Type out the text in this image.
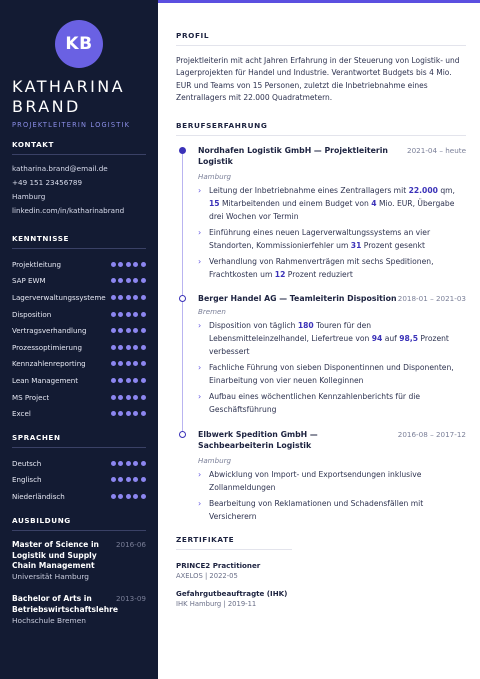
KB
KATHARINA
BRAND
PROJEKTLEITERIN LOGISTIK
KONTAKT
katharina.brand@email.de
+49 151 23456789
Hamburg
linkedin.com/in/katharinabrand
KENNTNISSE
Projektleitung
SAP EWM
Lagerverwaltungssysteme
Disposition
Vertragsverhandlung
Prozessoptimierung
Kennzahlenreporting
Lean Management
MS Project
Excel
SPRACHEN
Deutsch
Englisch
Niederländisch
AUSBILDUNG
Master of Science in Logistik und Supply Chain Management
Universität Hamburg
2016-06
Bachelor of Arts in Betriebswirtschaftslehre
Hochschule Bremen
2013-09
PROFIL

Projektleiterin mit acht Jahren Erfahrung in der Steuerung von Logistik- und Lagerprojekten für Handel und Industrie. Verantwortet Budgets bis 4 Mio. EUR und Teams von 15 Personen, zuletzt die Inbetriebnahme eines Zentrallagers mit 22.000 Quadratmetern.

BERUFSERFAHRUNG
Nordhafen Logistik GmbH — Projektleiterin Logistik
2021-04 – heute
Hamburg
› Leitung der Inbetriebnahme eines Zentrallagers mit 22.000 qm, 15 Mitarbeitenden und einem Budget von 4 Mio. EUR, Übergabe drei Wochen vor Termin
› Einführung eines neuen Lagerverwaltungssystems an vier Standorten, Kommissionierfehler um 31 Prozent gesenkt
› Verhandlung von Rahmenverträgen mit sechs Speditionen, Frachtkosten um 12 Prozent reduziert
Berger Handel AG — Teamleiterin Disposition 2018-01 – 2021-03
Bremen
› Disposition von täglich 180 Touren für den Lebensmitteleinzelhandel, Liefertreue von 94 auf 98,5 Prozent verbessert
› Fachliche Führung von sieben Disponentinnen und Disponenten, Einarbeitung von vier neuen Kolleginnen
› Aufbau eines wöchentlichen Kennzahlenberichts für die Geschäftsführung
Elbwerk Spedition GmbH — Sachbearbeiterin Logistik
2016-08 – 2017-12
Hamburg
› Abwicklung von Import- und Exportsendungen inklusive Zollanmeldungen
› Bearbeitung von Reklamationen und Schadensfällen mit Versicherern
ZERTIFIKATE
PRINCE2 Practitioner
AXELOS | 2022-05
Gefahrgutbeauftragte (IHK)
IHK Hamburg | 2019-11
